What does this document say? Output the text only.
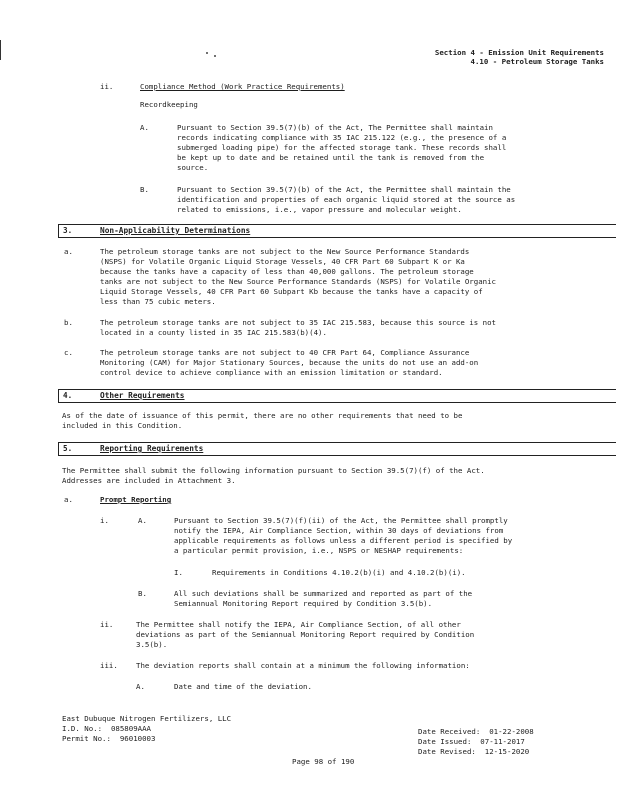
Section 4 - Emission Unit Requirements
4.10 - Petroleum Storage Tanks
ii.	Compliance Method (Work Practice Requirements)
Recordkeeping
A.	Pursuant to Section 39.5(7)(b) of the Act, The Permittee shall maintain
records indicating compliance with 35 IAC 215.122 (e.g., the presence of a
submerged loading pipe) for the affected storage tank. These records shall
be kept up to date and be retained until the tank is removed from the
source.
B.	Pursuant to Section 39.5(7)(b) of the Act, the Permittee shall maintain the
identification and properties of each organic liquid stored at the source as
related to emissions, i.e., vapor pressure and molecular weight.
3.	Non-Applicability Determinations
a.	The petroleum storage tanks are not subject to the New Source Performance Standards
(NSPS) for Volatile Organic Liquid Storage Vessels, 40 CFR Part 60 Subpart K or Ka
because the tanks have a capacity of less than 40,000 gallons. The petroleum storage
tanks are not subject to the New Source Performance Standards (NSPS) for Volatile Organic
Liquid Storage Vessels, 40 CFR Part 60 Subpart Kb because the tanks have a capacity of
less than 75 cubic meters.
b.	The petroleum storage tanks are not subject to 35 IAC 215.583, because this source is not
located in a county listed in 35 IAC 215.583(b)(4).
c.	The petroleum storage tanks are not subject to 40 CFR Part 64, Compliance Assurance
Monitoring (CAM) for Major Stationary Sources, because the units do not use an add-on
control device to achieve compliance with an emission limitation or standard.
4.	Other Requirements
As of the date of issuance of this permit, there are no other requirements that need to be
included in this Condition.
5.	Reporting Requirements
The Permittee shall submit the following information pursuant to Section 39.5(7)(f) of the Act.
Addresses are included in Attachment 3.
a.	Prompt Reporting
i.	A.	Pursuant to Section 39.5(7)(f)(ii) of the Act, the Permittee shall promptly
notify the IEPA, Air Compliance Section, within 30 days of deviations from
applicable requirements as follows unless a different period is specified by
a particular permit provision, i.e., NSPS or NESHAP requirements:
I.	Requirements in Conditions 4.10.2(b)(i) and 4.10.2(b)(i).
B.	All such deviations shall be summarized and reported as part of the
Semiannual Monitoring Report required by Condition 3.5(b).
ii.	The Permittee shall notify the IEPA, Air Compliance Section, of all other
deviations as part of the Semiannual Monitoring Report required by Condition
3.5(b).
iii. The deviation reports shall contain at a minimum the following information:
A.	Date and time of the deviation.
East Dubuque Nitrogen Fertilizers, LLC
I.D. No.:  085809AAA
Permit No.:  96010003
Date Received:  01-22-2008
Date Issued:  07-11-2017
Date Revised:  12-15-2020
Page 98 of 190
